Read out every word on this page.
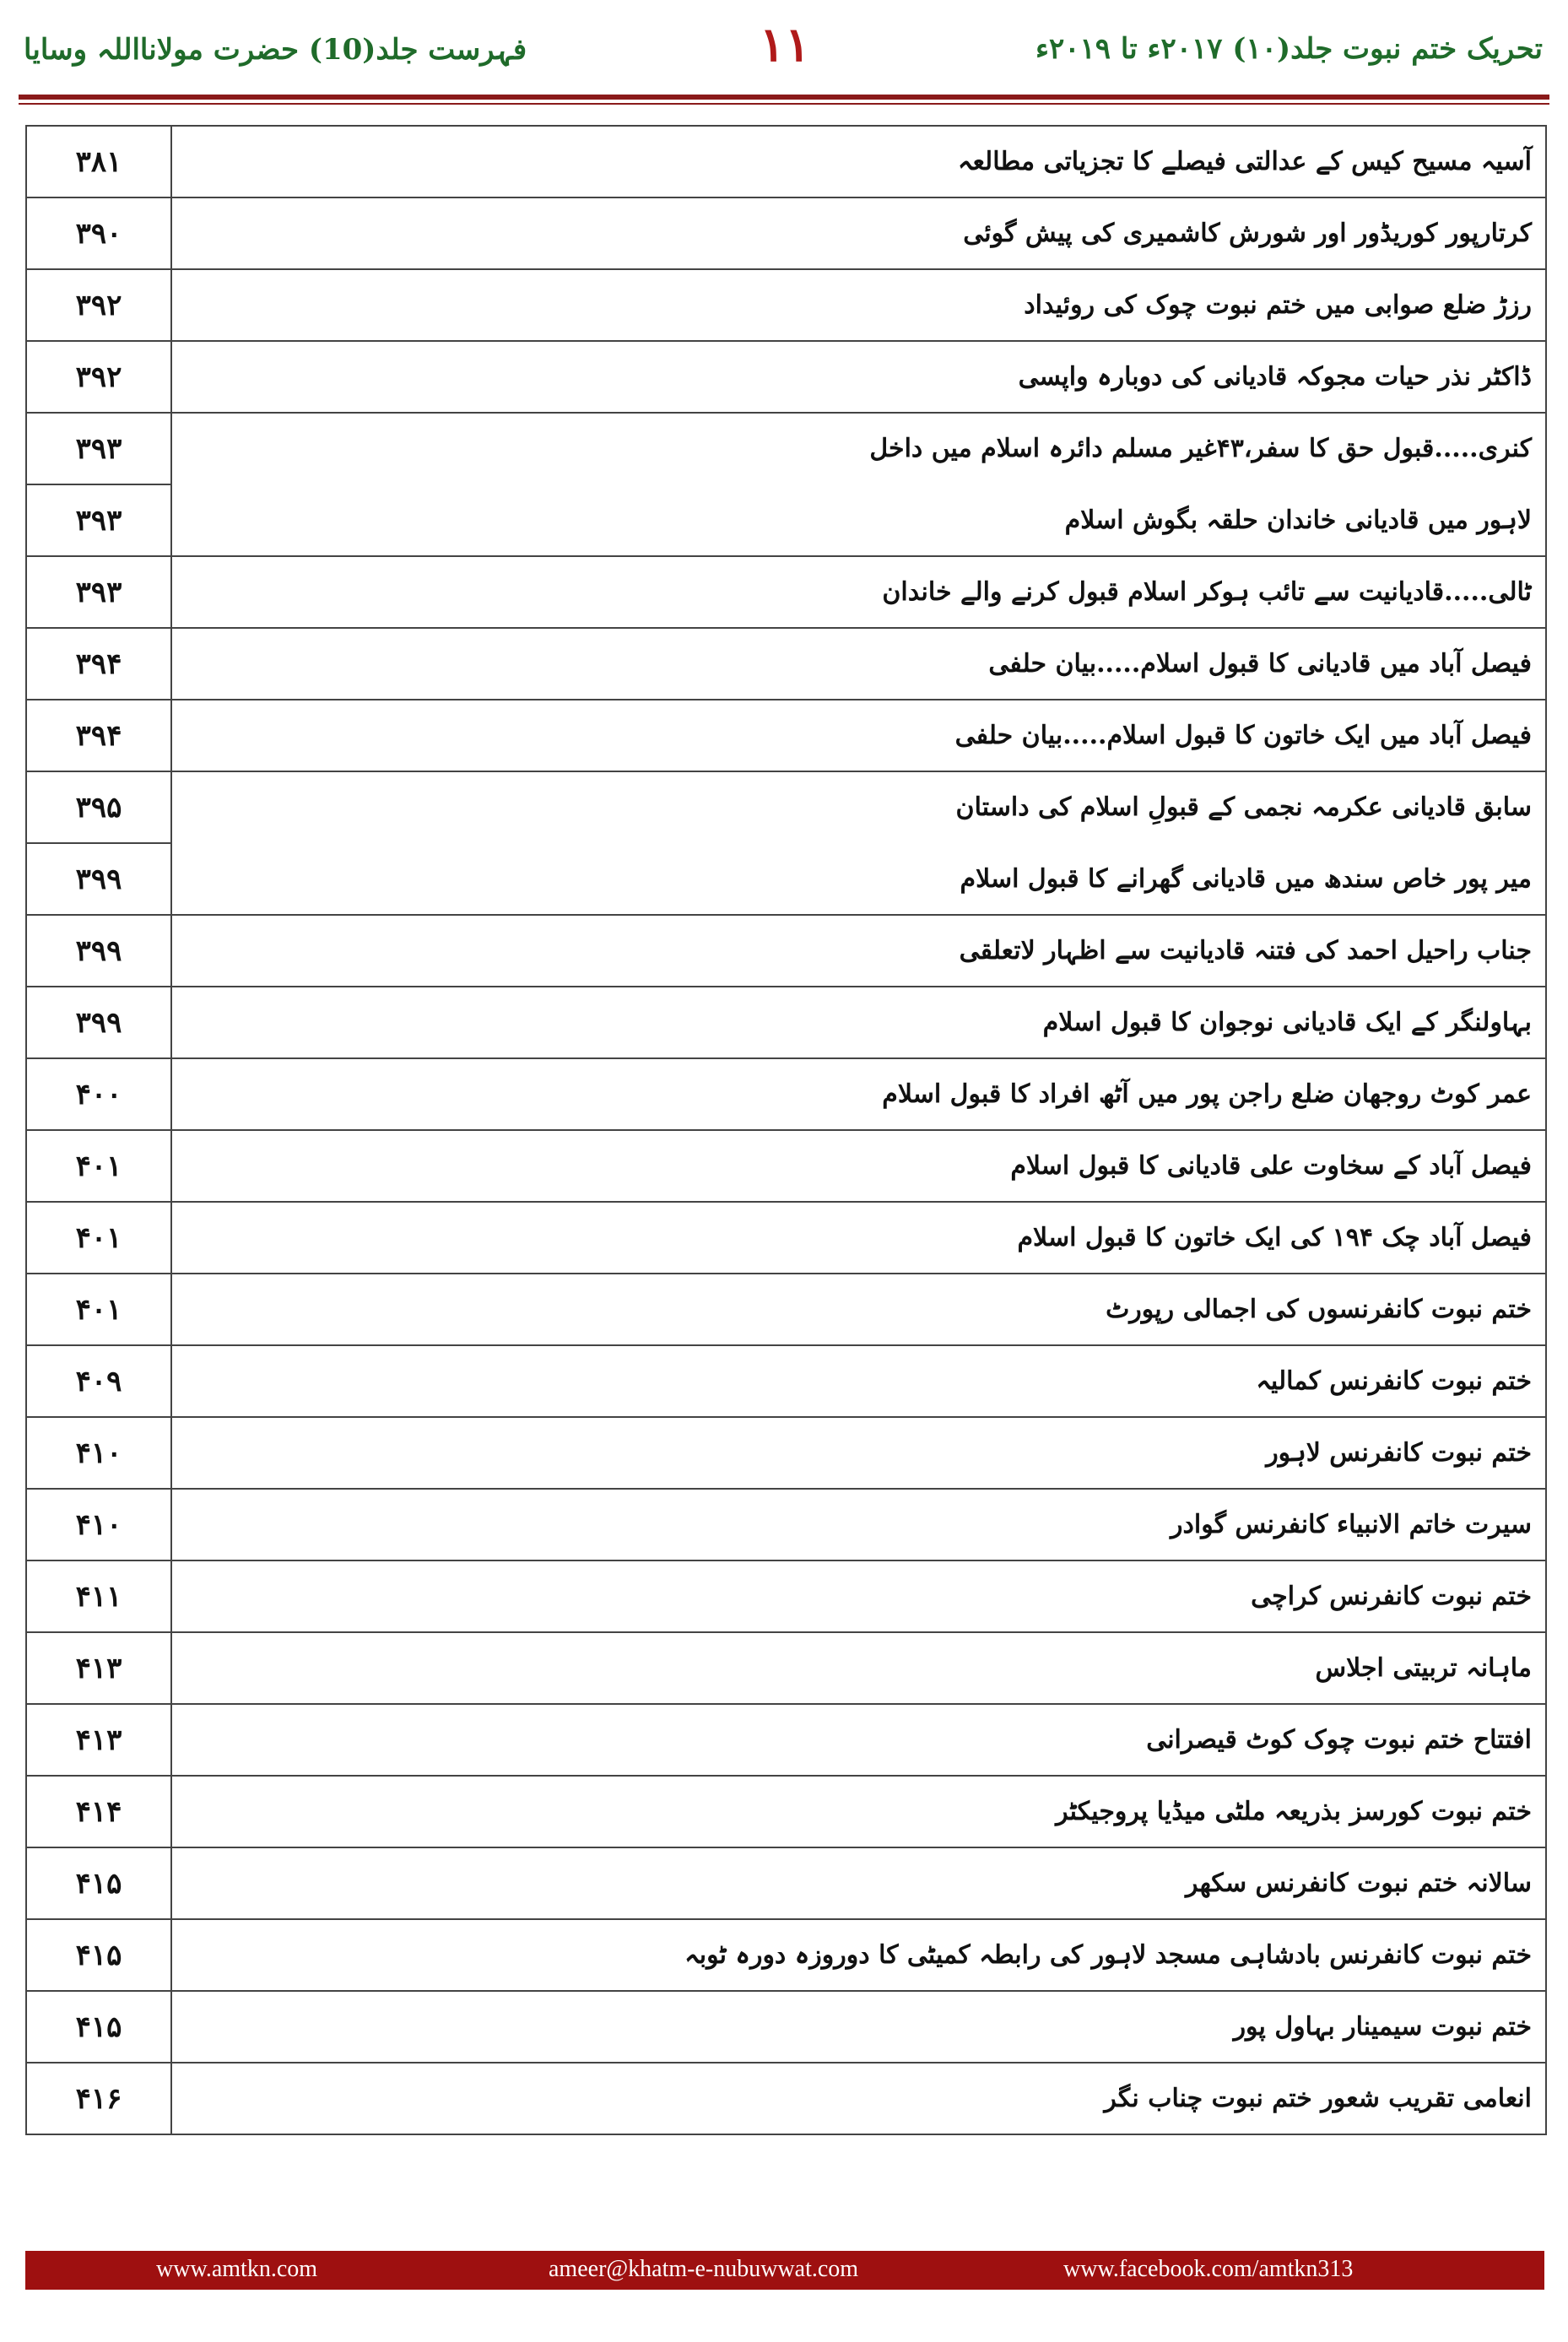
فہرست جلد(10) حضرت مولانااللہ وسایا	۱۱	تحریک ختم نبوت جلد(۱۰) ۲۰۱۷ء تا ۲۰۱۹ء
۳۸۱	آسیہ مسیح کیس کے عدالتی فیصلے کا تجزیاتی مطالعہ
۳۹۰	کرتارپور کوریڈور اور شورش کاشمیری کی پیش گوئی
۳۹۲	رزڑ ضلع صوابی میں ختم نبوت چوک کی روئیداد
۳۹۲	ڈاکٹر نذر حیات مجوکہ قادیانی کی دوبارہ واپسی
۳۹۳	کنری.....قبول حق کا سفر،۴۳غیر مسلم دائرہ اسلام میں داخل
۳۹۳	لاہور میں قادیانی خاندان حلقہ بگوش اسلام
۳۹۳	ٹالی.....قادیانیت سے تائب ہوکر اسلام قبول کرنے والے خاندان
۳۹۴	فیصل آباد میں قادیانی کا قبول اسلام.....بیان حلفی
۳۹۴	فیصل آباد میں ایک خاتون کا قبول اسلام.....بیان حلفی
۳۹۵	سابق قادیانی عکرمہ نجمی کے قبولِ اسلام کی داستان
۳۹۹	میر پور خاص سندھ میں قادیانی گھرانے کا قبول اسلام
۳۹۹	جناب راحیل احمد کی فتنہ قادیانیت سے اظہار لاتعلقی
۳۹۹	بہاولنگر کے ایک قادیانی نوجوان کا قبول اسلام
۴۰۰	عمر کوٹ روجھان ضلع راجن پور میں آٹھ افراد کا قبول اسلام
۴۰۱	فیصل آباد کے سخاوت علی قادیانی کا قبول اسلام
۴۰۱	فیصل آباد چک ۱۹۴ کی ایک خاتون کا قبول اسلام
۴۰۱	ختم نبوت کانفرنسوں کی اجمالی رپورٹ
۴۰۹	ختم نبوت کانفرنس کمالیہ
۴۱۰	ختم نبوت کانفرنس لاہور
۴۱۰	سیرت خاتم الانبیاء کانفرنس گوادر
۴۱۱	ختم نبوت کانفرنس کراچی
۴۱۳	ماہانہ تربیتی اجلاس
۴۱۳	افتتاح ختم نبوت چوک کوٹ قیصرانی
۴۱۴	ختم نبوت کورسز بذریعہ ملٹی میڈیا پروجیکٹر
۴۱۵	سالانہ ختم نبوت کانفرنس سکھر
۴۱۵	ختم نبوت کانفرنس بادشاہی مسجد لاہور کی رابطہ کمیٹی کا دوروزہ دورہ ٹوبہ
۴۱۵	ختم نبوت سیمینار بہاول پور
۴۱۶	انعامی تقریب شعور ختم نبوت چناب نگر
www.amtkn.com	ameer@khatm-e-nubuwwat.com	www.facebook.com/amtkn313
